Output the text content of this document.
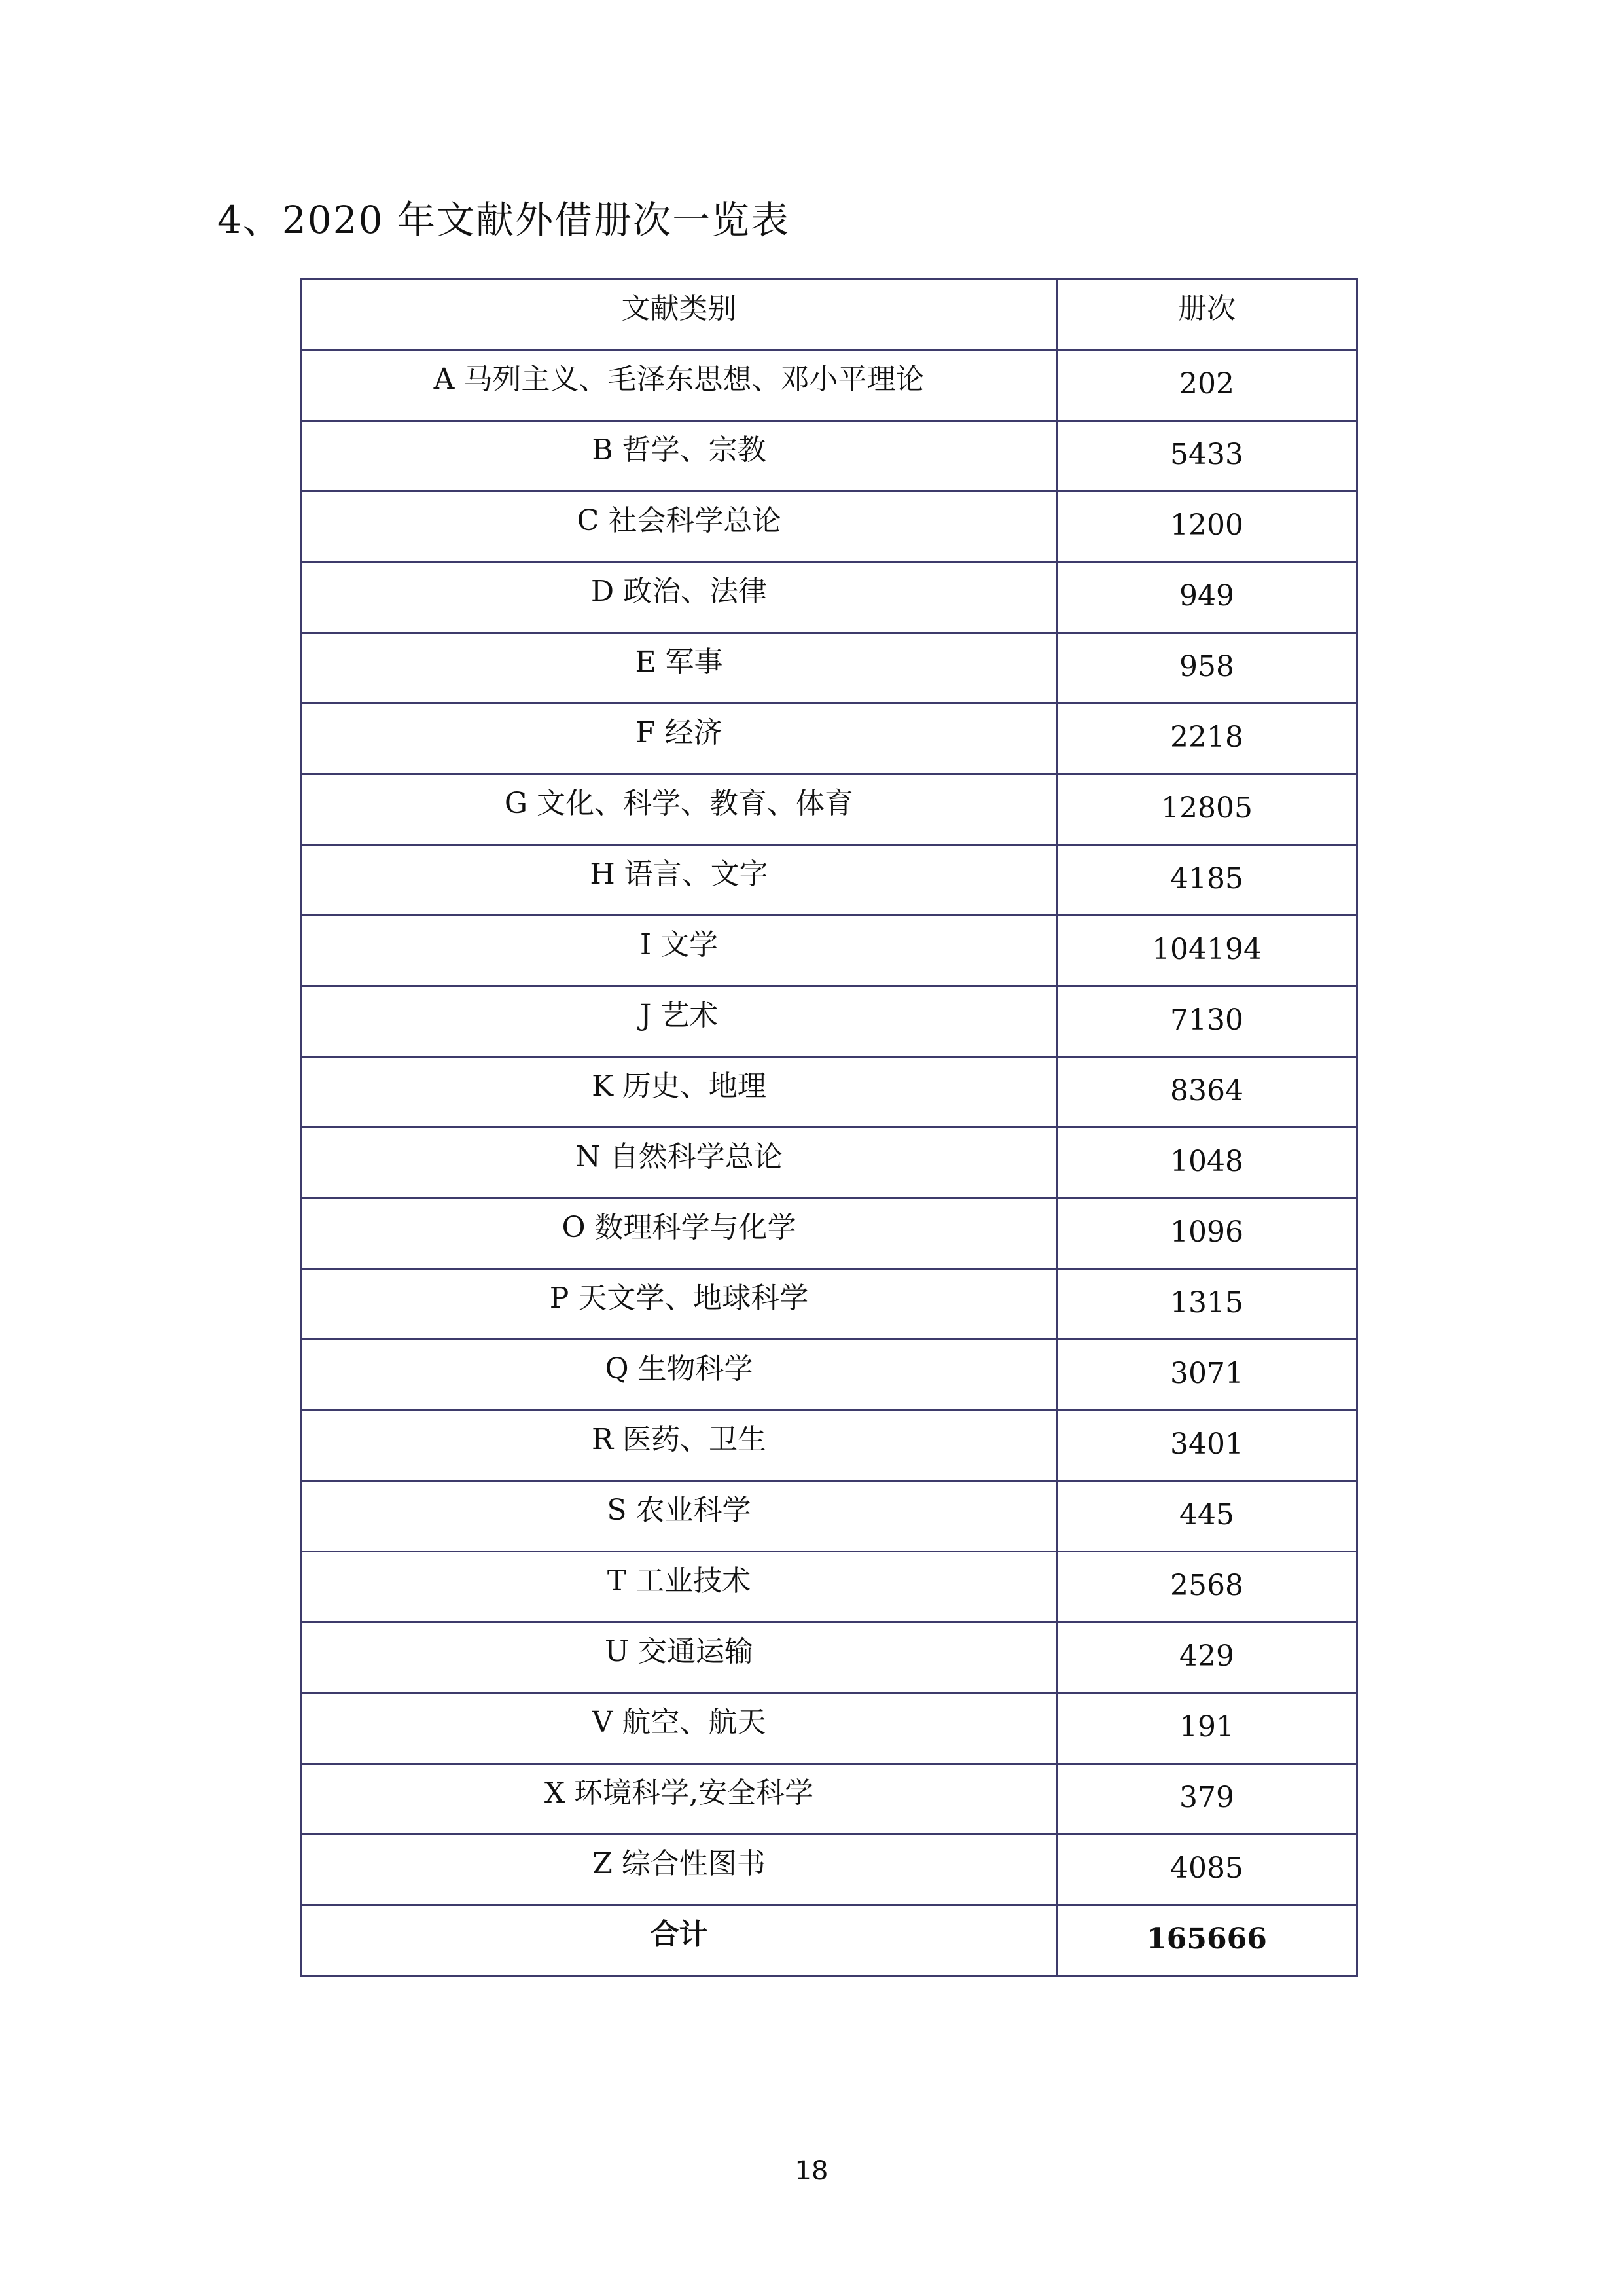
4、2020 年文献外借册次一览表
文献类别	册次
A 马列主义、毛泽东思想、邓小平理论	202
B 哲学、宗教	5433
C 社会科学总论	1200
D 政治、法律	949
E 军事	958
F 经济	2218
G 文化、科学、教育、体育	12805
H 语言、文字	4185
I 文学	104194
J 艺术	7130
K 历史、地理	8364
N 自然科学总论	1048
O 数理科学与化学	1096
P 天文学、地球科学	1315
Q 生物科学	3071
R 医药、卫生	3401
S 农业科学	445
T 工业技术	2568
U 交通运输	429
V 航空、航天	191
X 环境科学,安全科学	379
Z 综合性图书	4085
合计	165666
18
